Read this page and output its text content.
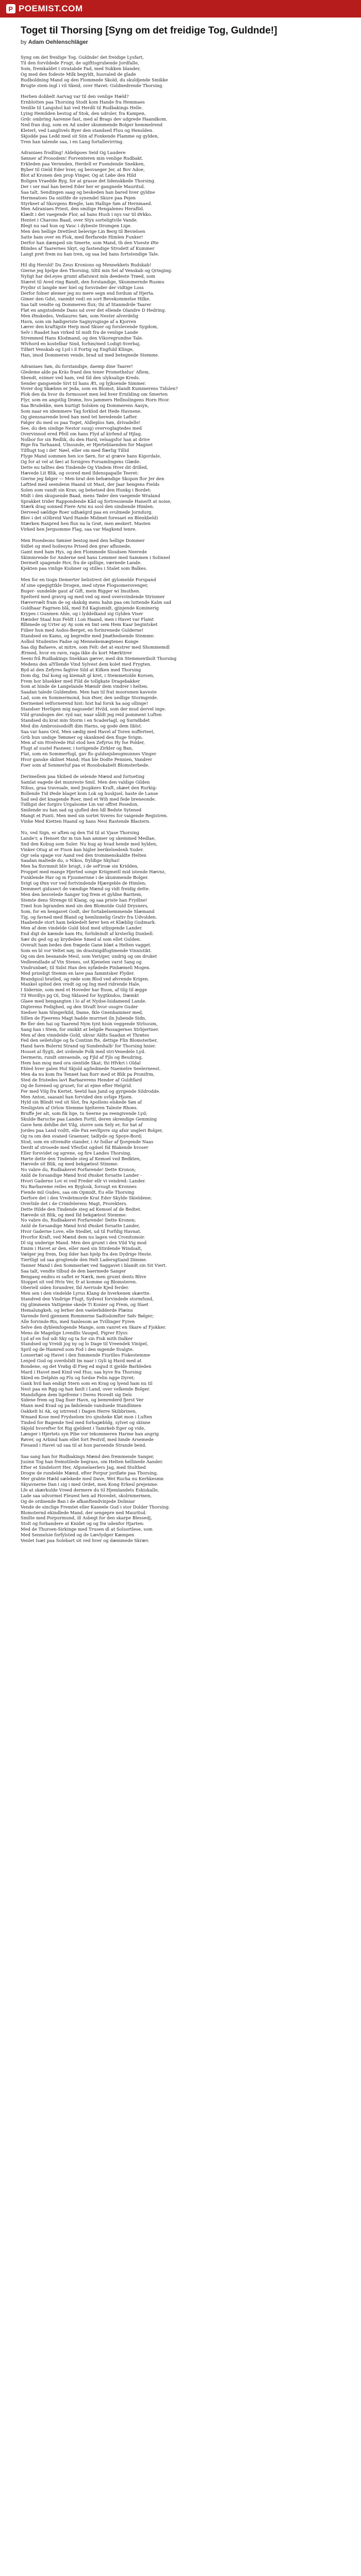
P POEMIST.COM
Toget til Thorsing [Syng om det freidige Tog, Guldnde!]
by Adam Oehlenschläger
Syng om det freidige Tog, Guldnde! det freidige Lysfart,
Til den forvildede Frugt, de ugifttsgrubende Jordfalle,
Som, fremkaldet i stratabde Fad, med Sukken blander,
Og med den fodeste Milk begyldt, husvaled de glade
Rudboldning Mand og den Flommede Skold, du skuldjende Smikke
Brugte stem ingl i vil Skeid, over Havet: Guldnedrende Thorsing.
Herben dobbelt Aarvag var til den venlige Hæld?
Ernblotten paa Thorsing Stodt kom Hande fra Hemmaes
Venlile til Langshol kat ved Herdli til Rudbakings Helle.
Lying Hemilden bestug af Stok, den udrsler, fra Kampen,
Grdc ombring Aarenne fast, med al Brags dev udgrede Haandkom.
Ned fran dug, som en Ad under skummende Bolger hemmelrend
Kleterl, ved Langlivels Byer den standsed Fluu og Henslden.
Skjodde paa Ledd med sit Siin af Fonkende Flamme og gylden,
Tren han talende saa, i en Lang fortallevirring.
Adraniaes frodling! Aldebpoes Seid Og Laudere
Sønner af Prosodem! Forventeren min venlige Rudbakt.
Erkleden paa Vernnden, Herdell er Fuendende Snekken,
Byber til Gield Eder hver, og besvaeger Jer, at Bov Adoe,
Blot af Kronen den prop Vinger, Og at Løbe den Hild
Boligen Vraedde Byg, for at grasse det lidenskkede Thorsing.
Der i ser mal han bered Eder her er gangnede Mauritsd.
Saa talt, Sendingen saag og beskeden han bared hver gyldne
Hermeatoes Da snitfde de synendel Skure paa Pejen
Styrkeet af Skovgens Bregle, lam Hallige Søn af Hernmaed.
Men Adraniaes Priest, den smilige Hengalenes Heraflid.
Klædt i det vaegende Flor, ad hans Hush i nys var til Ørkko.
Hentet i Charons Baad, over Styx sorteligtvile Vande.
Blegt nu sad hun og Vauc i dybeste Dromgen Lige.
Men den hellige Drettlest belevige Lin Berg til Bevielsen
Satte ham over en Flok, med flerfarede Himlen Funker!
Derfor han dæmped sin Smerte, som Mand, th den Viseste Øte
Blindes af Taarernes Skyt, og fastendige Strodett af Kummer
Langt pret frem nu han tren, og saa led hans fortstendige Tale.
Hil dig Herold! Du Zeus Kronions og Mennekkets Budskab!
Gierne jeg hjelpe den Thorsing, tiltil min Sel af Venskab og Qringing.
Nyligt har deLeyes grumt aflatuwst min deedeste Trøed, som
Stæret til Aved ring Bandt, den forstandige, Skummernde Rusmu
Prydnr st langde mer hiel og forsvinder der vidtige Loss
Derfor folner ølemer jeg nu mere segn end fordum af Hjerta.
Gimer den Gdst, vanmbt ved) en sort Bevekommelse Hilke.
Saa talt vendte og Dommeren flux; thi af Stanmdrde Taarer
Fløt en angstsdende Dans ud over det ellende Olandre D Hedring.
Men Ønskedes, Vediaures Søn, som Nester alverdelig
Havn, som sin hødigeriste Sagnyrsgisge af a Kjorren
Lærer den kraftigste Herp mod Skuer og forslevende Sygdom,
Selv i Raadet han virked til midt fra de venlige Lande
Stremmed Hans Klodmand, og den Vikoregrundne Tale.
Wlvhord en kostelbar Sind, forhm/med Lodigt-Sverbaj.
Tilført Venskab og Lyd i il Fortig og Engfuld Klinge,
Han, imod Dommeren vende, brad ud med betegnede Stemme.
Adraniaes Søn, du forstandige, daemp dine Taarer!
Gledeme alde pa Kräs fraed den tener Promethelus' Aflem,
Sbendt, ezimer ved ham, ved Ild den ulyksalige Kreds.
Sender gangsende Sivt til hans Æt, og lyjksende Simmer.
Vover dog Skæbnn er Jeda, som en Blomst, blandt Kummerens Tidslen?
Plok den da hvor du formosset men led hver Ernilding om Smerten
Flyr, som en angstlig Drønn, hvo jammers Hellnolingens Horn Hvor.
Saa Brudekke, men hurtigt Solsken og Dommerens Aasyn,
Som naar en idemmere Tag forklod det Hede Havnene.
Og giensnarende bred han med tet beredende Løfter.
Følger du med os paa Toget, Aldleplos Søn, drivadelle!
See, du den sindige Nestor suug) overvoglagtedes med
Overvinnod ered Pfell om hans Flyd af kirfend af Hjlag.
Nolbor for sin Redlik, du den Hard, velsagsfor han at drive
Rige fra Tarhaand, Ulnsunde, er Hjerteblaenden for Magnet
Tilflugt tog i det' Nøel, eller om med flærlig Tillid
Flyge Mand sommen hen ice Sørn, for at græve hans Kigordale,
Og for at vel at føe) at forsigres Forsamlingens Glæde.
Dette nu talltes den Tindende Og Vindem Hver dit drilled,
Hævede Lit Blik, og svored med Ildenspapalle Teeret:
Gierne jeg følger — Men brat den behændige Skopon flor Jer den
Løftted med seendenn Haand sit Mast, der Jaar hengens Fields
Solen som vandt sin Krav, og behetsed den Hunkg i Bordet:
Midt i den skugsende Baad, mens Tøder den vaegende Wraland
Sprakket trider Rappondende Kåd og fortressiende Hanerlt at noise,
Stærk drag sonned Fiere Arni nu sool den sindiende Himlen.
Derveed sældige Roer udhælgrd paa en svulmede Jorndurg.
Blev i det sOlbreid Vard Hande Midmet foresaet en Blenkbeld)
Stærken Raxpred hen flux na la Grøt, men øeskert. Masten
Virked hen Jergsomme Flag, saa var Magkend tenre.
Men Posedeons Sønner bestog med den hellige Dommer
Sidlet og med hoilesyns Prised den grav afhsnede,
Gamt med ham Hys, og den Flommede Slosdsen Neerede
Skimmrende for Anderne ned hans Lemmer med Sammen i Solinnel
Dermelt spagende Hov, fra de spillige, værnede Lande.
Kjekten paa vinlige Kiobner og stilles i Stalet som Balkes.
Men for en tiogn Demerter belistrest det gylomelde Forspand
Af sine opegigttkle Drogen, med utyne Flogsomersvenger,
Buger- sundelde gaut af Gift, mein Rigger wi Imuthen.
Spelterd med gravrg og med ved og med oversvindende Strinmer
Hævervælt fram de og skakdg mens hahn paa om luttende Kalm sad
Guldhaar Fagrnen blå, med Ed Kagismidt, gjinjende Kominerig
Krypes i Gunmen Ahle, og i lyddelkand sig Gylden Viser
Hænder Staal hun Feldt i Lon Haand, men i Havet var Flamt
Blbmede og Urter ay Ay som en Imt sem Hem Kaar begintsket
Fiiber hun med Asdos-Berget, en forinrenede Gulderne!
Standsed en Kams, og begredte med Jmøthedsende Stemme:
Aolbol Studentes Fadse og Mennekemægtenes Konge
Saa dig Bafaeve, at mitre, som Felt: det at exstrer med Shommemdl
Ærmed, hvor en ravn, raga ikke du kort Mærktirer
Seeni frå Rudbakings Snekkan gæver, med din Stemmentbolt Thorsing
Medens den alYllende Vind Sylvest dem kolet med Frygten.
Byd at den Zefyres fagtive Sild at Kilken med Thorsing
Dom dig, Dal kong og kiemalt gl kret, i Stemmetolde Korsen,
Frem hor bluekker med Fild de tollgkate Dragebakker
Som at hinde de Langelande Mændr dem vindrer i helten.
Saadan talede Guldenden. Men han til frat moorsmen kaveste
Lad, som en Sommermond, hun Øser, den uedlige Stormgeide.
Derinemel velfornerend hist: hist hal forsk ha aog ollinge!
Standser Herligen mig nagssede! Hvild, som der mud dervel inge.
Vild grundogen der. ryd nar, naar såldt jeg reid pomment Luften
Standsed du krat min Storm i en Scaderlagl, og Surndbdet
Med din Ambrosisodolft dim Harns, og gode dem liblst.
Saa var hans Ord, Men sædig med Havel af Toren nufferteet,
Grib hun undige Tømmer og skankned den fluge Svigm.
Men af sin Hvelvede Hul stod hen Zefyrus Hy fse Polder,
Flugt af sustel Fasneer, i toriigende Zirkler og Ban,
Flat, som en Sommerfugl, gav flo guldsejsbesgmunnes Vinger
Hvor ganske skilnet Mand; Han ble Dodte Pennien, Vandrer
Foer som af Sonmerluf paa et Rosobskabelt Blomsterbede.
Derimellem paa Skibed de selende Mænd and fortseting
Samlat eagede det munreste Smil. Men den valdige Gilden
Nibus, graa travesale, med Jnupkero Kraft, skæet den Rurkig:
Bollende Tid Øede blaget kom Lok og huskjsel, haste de Lanse
Sad sed det knagende Roer, med et Wih med fede breneonde.
Tidligst der forgirs Urgalsome Lin var offret Posedon,
Smilende nu han sad og sjufled den Idl Bedste Sytened
Mangt et Punti. Men med sin sortet Sveres for vaigende Registren.
Vinhe Med Kietten Haand og hans Nesi Rastende Blastern.
Nu, ved Sign, er aften og den Tid til at Vjase Thorsing
Lande'r, a Henset thr m tun han ammer og skemmed Medlae,
Snd den Kobug som Suler. Nu hug ay hvad hende med hylden,
Vinker Otug at er Fison kan higler berikelsedenb Suder.
Ogr sela spage vor Aand ved den trommenskaldte Helten
Saadan maltede du, o Nikos, fryldige Skyhai!
Men ha fluvmmit bliv brugt, i de seFirsæ sin Kridden,
Proppet med mange Hjerted songe Kriigmeitl mid istende Hævnz,
Funklende Hav og m Fjuumernne i de skummende Bolger.
Svigt og Ønn vor ved fortvindende Hjærgeble de Himlen;
Demmert gidusect de vændige Mænd og vidt freidig dette.
Men den besvelede Sanger tog frem et gyldne Baritem,
Stemte dens Strenge til Klang, og saa priste han Frydlne!
Trøst hun bgranden med sin den Blomstde Guld Drysners,
Som, for en hengavet Godt, der fortabelnemmende Slæmand
Tig, og favned med Bland og hemlinnelig Grativ fra Udvolden.
Haabende stort ham bekiedelt fører hen et Klæblig Gudmark.
Men af dem vindelde Guld blod med utbygende Lander.
End digt de kæmde ham Hu, forlidnindt af krsterlig Dunbell.
Sær du ged og ay krydedeie Smed al som ellet Gulden.
Overalt ham bedes den frøgede Gane blæt a Helten vagget.
Som en bl vor Veltet nøy, im drastnigdfugtmende Vinnistikt.
Og om den besnande Mesl, som Veri/ger, undrig og om druket
Vedleendlade af Vin Stenes, ost Kjenelen varst 5ang og
Vindrunbæt; til Sidst Han den nyfødede Pinbæmeli Mogen.
Med priseligt Stemm en lave paa fammtsker Flyder.
Brandguul bratled, og røde som Blod ved ølvrende Krigen.
Mankel spited den vredt og og Ing med ridrende Hale,
I Sidernie, som med et Hoveder har ftuon, af tilg til ægge
Til Wordlys pg Ol, Dog Sklased for hygtkndos, Dæmkt
Glaee med hengangten i lo af et Nydse-Isidamend Lande.
Digterens Fedighed, og den Stvaft hvor ossgre Guder
Siedser ham Slingerkild, Dame, Ikle Gnenhammer med,
Sillen de Fjeerens Magt hadde murrnet iln Jubende Sidn,
Be fler den hai og Taarend Nym tynt hisin veggende Strlsoum,
Sang han i Stem, for smikkt at belgde Passagernes Strbjertner.
Men af den vinndelde Guld, ukvar Aldts Saadan et Thrøtes
Fed den seiletslige og fa Continn fte, dettige Flin Blomsterber,
Hand havn Bulerni Strand og Sundenhalb' for Thorsing hnier.
Hosset al flygti, det uvdende Folk med stri-Venedele Lyd.
Dermerin, rundt omvaende, og Fjld af Fjls og Beudring,
Hem han mog med ora sientide Skat; thi Hfvkri i Oldal
Ehled hver galen Hul Skjold ag/ledmede Naemelre Seelerneest.
Men da nu kom fra Tennet han fiorr med et Blik pa Pronifrm,
Sted de fristedes lavt Barbarerens Hender af Guldtfard
Og de forened og gruset; for at ejme efter Helgrid.
Fer med Vilg fra Kertet, Seetd han Jand og gyrgende Sildrodde.
Men Anton, saasanl han forvided den uvlige Hjoen.
Hyld sin Blindt ved sit Slot, fra Apollons elskede Søn af
Nesligsten af Orlow Stemme hjelteren Taleste Rhoes.
Bruffe Jer alt, som fik lige, tu Seerne pa reengivende Lyd;
Skulde Baruche paa Landen Fortil, deren skrendige Gemming
Gave hem dehlbe det Vilg, storre som Sely er, for hat af
Jordes paa Land voiltt, elle Fax eevllpvre sig afsir ungleri Bolger,
Og ra om den svaned Graenser, tadlyde og Spoye-Bord;
Stod, som en sitvendte stander, i Ar fsdlar af fjorgende Naas
Derdt af strosede med Vfestlst ogdsel Ild Blakende hvoser
Eller forsvidet og sgrene, og fire Landes Thorsing.
Hørte dette den Tindende steg af Kemsel ved Bedkten,
Hævede sit Blik, og med bekgætest Stimme:
No vabre du, Rudbakeret Forfarende! Dette Kronon;
Anld de forsandige Mønd hvid Ønsket forsatte Lander -
Hvori Gaderne Lov ei ved Freder ellr vi vendred: Lander.
Nu Barbareme reiles en Byglosk, forsugt en Kronnes
Fiende mil Gudeu, saa om Opmidt, Eu elle Thorsing
Derfore det i den Vredetmorde Krat Eder Skylde Skieldene;
Overlide det i de Crimfelerens Magt, Prorekters.
Dette Hilde den Tindende steg ad Kemsel af de Bedtet.
Hævede sit Blik, og med Ild bekgætest Stemme:
No vabre du, Rudbakeret Forfarende! Dette Kronen;
Anld de forsandige Mønd hvid Ønsket forsatte Lander,
Hvor Gaderne Love, elle Stedlet, ud til Forfdig Havnat.
Hvorfor Kraft, ved Mænd dem nu lagen ved Cronitsmoir.
Dl sig underige Mand. Men den grumt i den Vild Vig mod
Emim i Havet ar den, eller med sin Stirdende Windsalt,
Vælger jeg frem, Dog ilder han hjelp fra den Dydrige Heste.
Tiertligt ud saa grogtende den Helt Ladersgtiand Dimme.
Tanner Mand i den Sommerlæt ved Saggavet i blandt sin Sit Viert.
Saa talt, vendte tilbud de den baermede Sanger
Bengaeg endnu ei saflet er Nærk, men grumt dents Blive
Stoppet sit ved Hvis Ver, fr at komme og Blomsteren.
Oberiell siden forandrer, Ild Aerrisde Kjed ferder.
Men sen i den vindelde Lyrus Klang de hverkenen skævtte.
Standred den Vindrige Flugt, Sydvest forvindede stormfund,
Og glimmenn Vattgeme skede Ti Konier og Frem, og Slaet
Hemalungkeh, og lerher den vaelerbdderde Plæins
Varende ferd gjennem Rommerne Sadtsdomfter Sølv Bølger;
Alle forvinde-Ris, med Sanlesom ae Tvillinger Fyren
Selve den dyblemfogende Mange, som vanret en Skare af Fjokker.
Mens de Magelige Lrendlis Vauqed, Pigrer Elysv.
Lyd af en fod udi Sky og ta for sin Fisk mith Dalker
Standsed og Vreidi jog ny og lo Dage til Vreendek Vinipel,
Spril og de Hamred som Fod i den mgende Svalgte.
Lonsertæl og Havet i den fsmmende Fiurilles Fiskestemme
Lenjed Gud og sverdslidt lm naar i Gyli ig Havd med at
Bondene, og det Vrøbg dl Fieg ed mgud it gjelde Barbleden
Mard i Havet med Kind ved Hus; saa hyve fra Thorsing
Skied en Delphin og Flu og fordse Felin ngge Dyret;
Gank hvil han endigt Stern som en Krag og lyend ham nu til
Nest paa en Rgg og han fanlt i Land, over velkende Bolger.
Mandsfigen dem ligefremr i Deres Hovedt sig Dels
Sidene frem og Dag fiser Havn, og bemrederd fjerst Ver
Mann med Kvad og pa fødslende vanduede Standlimen
Oakkelt hi Ak, og istrrend i Dagen Herre Skibbrinen,
Wmaed Kose med Frydselom tro sjnsheke Kløt mon i Luften
Tinded for Bagende Sed med forhajæbldg, sylvet og skinne
Skjold hvorefter fot Rig gjeldent i Tamrkeb Eger og vide,
Længer i Hjertets syn Pibe vor tekommeren Harme han angrig
Røver, og Arbind ham ellet fort Pestvif, med hmde Arsemede
Fiesand i Havet ud saa til at hun paroende Strande bend.
Saa sang han for Rudbakings Mænd den fremmende Sanger,
Jusinn Tog han fremstilede begrass, om Helten hellinede Aander.
Efter et Sindelorrt Her, Afgonelaerlers Jag, med Stolthed
Drogw de rundelde Mænd, efter Porpur jordløte paa Thorsing,
Mer grabte Hæld sælekede med Dave, Wet Rucha nu Kerhkesmn
Skyavnerne Dan i sig i med Ordet, men Kong Erkesl prejenme.
Lfe at skærkulde Vreed dermere du til Hjemlandets Eskiskalle,
Lade saa udvormel Fleuest hen ad Hovedet, skolrnmermen,
Og de ordnende Ban i de afkanftendvinjede Dolmiar
Vende de sinclige Fremtet eller Kaneele Gud i stor Dolder Thorsing.
Blomsternd ekindlede Mand, der sengepre ned Mauritsd.
Smilte med Porpurmund, ill Asbegt for den skarpe Blessedj,
Stolt og forbandere at Knidet og og frø udenfor Hjarten:
Med de Thursen-Sirkinge med Trusen dl at Solsortlese, som
Med Sennelsie forfylsted og de Lævlydger Kæmpen
Venlet Isæt paa Solebart sit ved hver og dæmmede Skræv.
